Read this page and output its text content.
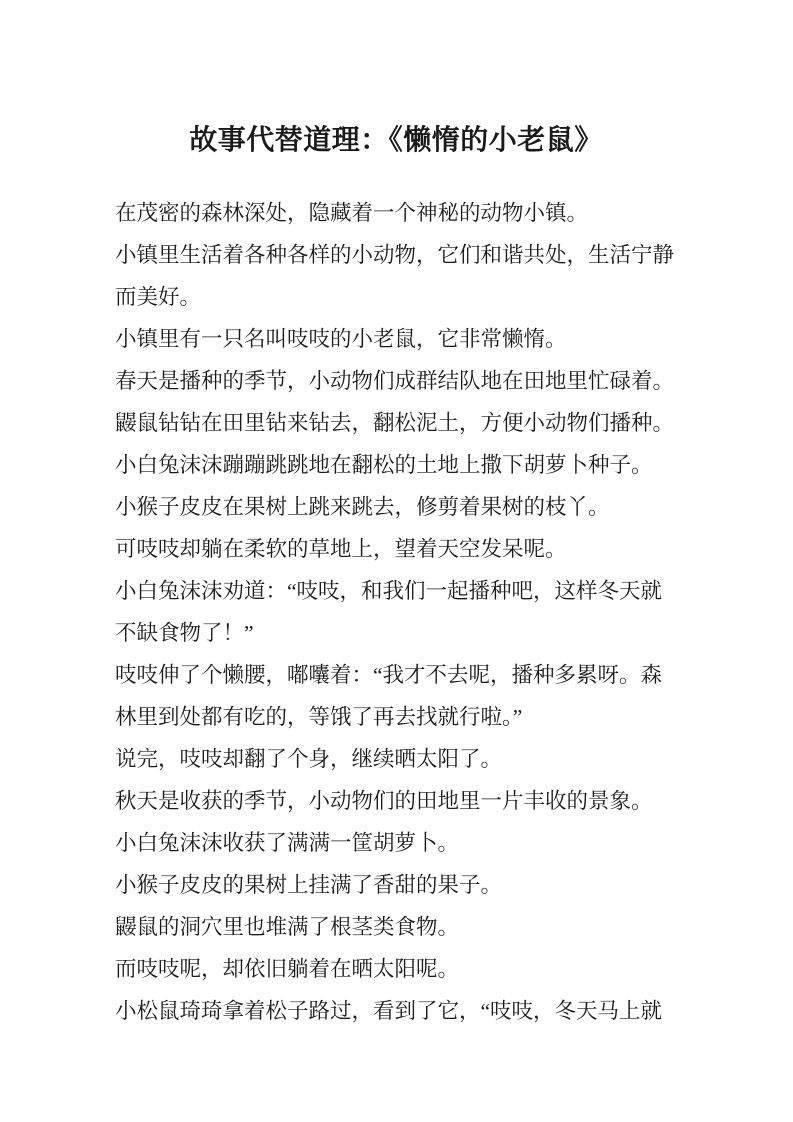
故事代替道理：《懒惰的小老鼠》

在茂密的森林深处，隐藏着一个神秘的动物小镇。

小镇里生活着各种各样的小动物，它们和谐共处，生活宁静而美好。

小镇里有一只名叫吱吱的小老鼠，它非常懒惰。

春天是播种的季节，小动物们成群结队地在田地里忙碌着。

鼹鼠钻钻在田里钻来钻去，翻松泥土，方便小动物们播种。

小白兔沫沫蹦蹦跳跳地在翻松的土地上撒下胡萝卜种子。

小猴子皮皮在果树上跳来跳去，修剪着果树的枝丫。

可吱吱却躺在柔软的草地上，望着天空发呆呢。

小白兔沫沫劝道：“吱吱，和我们一起播种吧，这样冬天就不缺食物了！”

吱吱伸了个懒腰，嘟囔着：“我才不去呢，播种多累呀。森林里到处都有吃的，等饿了再去找就行啦。”

说完，吱吱却翻了个身，继续晒太阳了。

秋天是收获的季节，小动物们的田地里一片丰收的景象。

小白兔沫沫收获了满满一筐胡萝卜。

小猴子皮皮的果树上挂满了香甜的果子。

鼹鼠的洞穴里也堆满了根茎类食物。

而吱吱呢，却依旧躺着在晒太阳呢。

小松鼠琦琦拿着松子路过，看到了它，“吱吱，冬天马上就
